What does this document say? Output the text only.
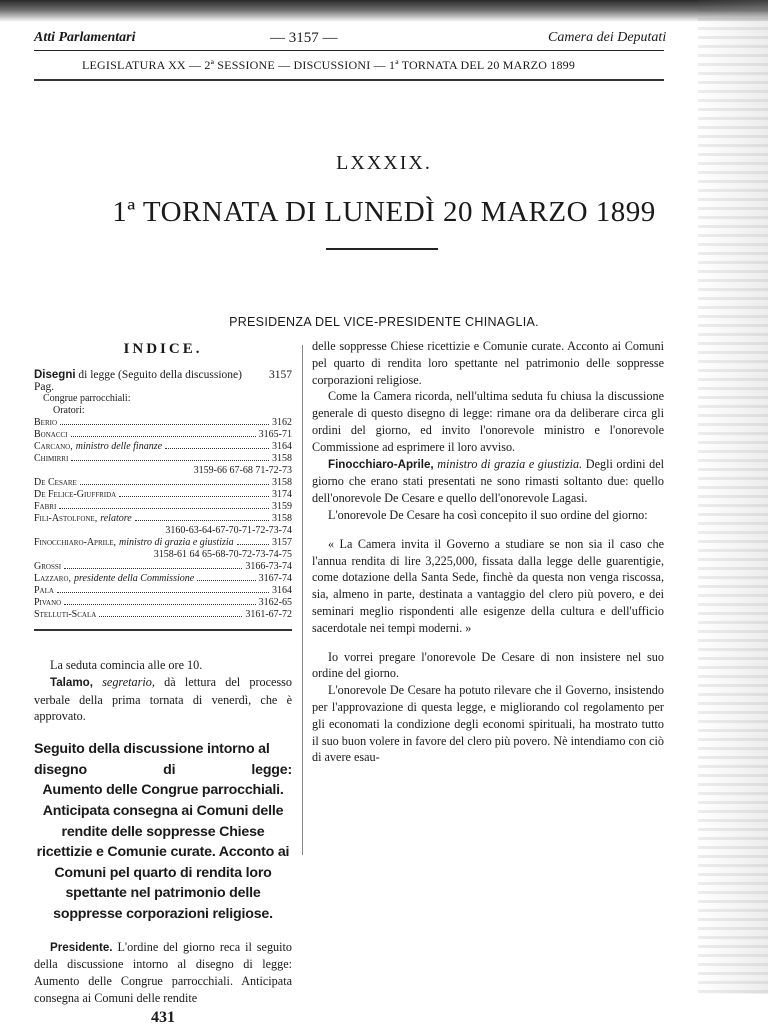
Atti Parlamentari	— 3157 —	Camera dei Deputati
LEGISLATURA XX — 2ª SESSIONE — DISCUSSIONI — 1ª TORNATA DEL 20 MARZO 1899
LXXXIX.
1ª TORNATA DI LUNEDÌ 20 MARZO 1899
PRESIDENZA DEL VICE-PRESIDENTE CHINAGLIA.
INDICE.
Disegni di legge (Seguito della discussione) Pag.
3157
Congrue parrocchiali:
Oratori:
Berio	3162
Bonacci	3165-71
Carcano, ministro delle finanze	3164
Chimirri	3158
3159-66 67-68 71-72-73
De Cesare	3158
De Felice-Giuffrida	3174
Fabri	3159
Fili-Astolfone, relatore	3158
3160-63-64-67-70-71-72-73-74
Finocchiaro-Aprile, ministro di grazia e giustizia	3157
3158-61 64 65-68-70-72-73-74-75
Grossi	3166-73-74
Lazzaro, presidente della Commissione	3167-74
Pala	3164
Pivano	3162-65
Stelluti-Scala	3161-67-72

La seduta comincia alle ore 10.

Talamo, segretario, dà lettura del processo verbale della prima tornata di venerdì, che è approvato.

Seguito della discussione intorno al disegno di legge:
Aumento delle Congrue parrocchiali. Anticipata consegna ai Comuni delle rendite delle soppresse Chiese ricettizie e Comunie curate. Acconto ai Comuni pel quarto di rendita loro spettante nel patrimonio delle soppresse corporazioni religiose.

Presidente. L'ordine del giorno reca il seguito della discussione intorno al disegno di legge: Aumento delle Congrue parrocchiali. Anticipata consegna ai Comuni delle rendite

431

delle soppresse Chiese ricettizie e Comunie curate. Acconto ai Comuni pel quarto di rendita loro spettante nel patrimonio delle soppresse corporazioni religiose.

Come la Camera ricorda, nell'ultima seduta fu chiusa la discussione generale di questo disegno di legge: rimane ora da deliberare circa gli ordini del giorno, ed invito l'onorevole ministro e l'onorevole Commissione ad esprimere il loro avviso.

Finocchiaro-Aprile, ministro di grazia e giustizia. Degli ordini del giorno che erano stati presentati ne sono rimasti soltanto due: quello dell'onorevole De Cesare e quello dell'onorevole Lagasi.

L'onorevole De Cesare ha così concepito il suo ordine del giorno:

« La Camera invita il Governo a studiare se non sia il caso che l'annua rendita di lire 3,225,000, fissata dalla legge delle guarentigie, come dotazione della Santa Sede, finchè da questa non venga riscossa, sia, almeno in parte, destinata a vantaggio del clero più povero, e dei seminari meglio rispondenti alle esigenze della cultura e dell'ufficio sacerdotale nei tempi moderni. »

Io vorrei pregare l'onorevole De Cesare di non insistere nel suo ordine del giorno.

L'onorevole De Cesare ha potuto rilevare che il Governo, insistendo per l'approvazione di questa legge, e migliorando col regolamento per gli economati la condizione degli economi spirituali, ha mostrato tutto il suo buon volere in favore del clero più povero. Nè intendiamo con ciò di avere esau-
